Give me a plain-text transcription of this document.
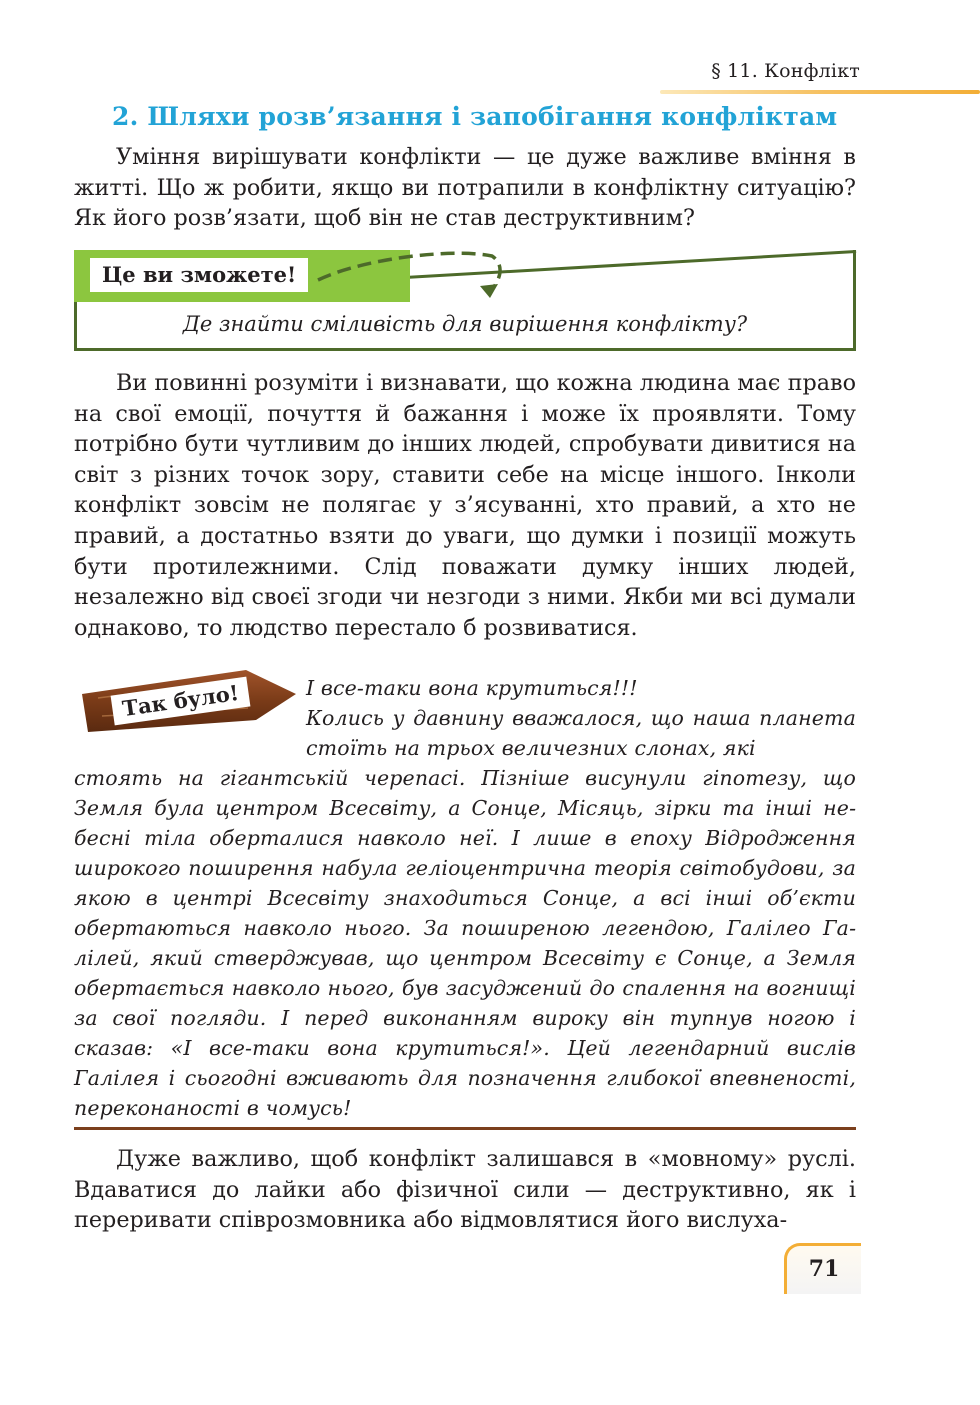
§ 11. Конфлікт
2. Шляхи розв’язання і запобігання конфліктам

Уміння вирішувати конфлікти — це дуже важливе вміння в житті. Що ж робити, якщо ви потрапили в конфліктну ситуацію? Як його розв’язати, щоб він не став деструктивним?

Це ви зможете!
Де знайти сміливість для вирішення конфлікту?

Ви повинні розуміти і визнавати, що кожна людина має право на свої емоції, почуття й бажання і може їх проявляти. Тому потрібно бути чутливим до інших людей, спробувати дивитися на світ з різних точок зору, ставити себе на місце іншого. Інколи конфлікт зовсім не полягає у з’ясуванні, хто правий, а хто не правий, а достатньо взяти до уваги, що думки і позиції можуть бути протилежними. Слід поважати думку інших людей, незалежно від своєї згоди чи незгоди з ними. Якби ми всі думали однаково, то людство перестало б розвиватися.

Так було!	І все-таки вона крутиться!!!

Колись у давнину вважалося, що наша планета стоїть на трьох величезних слонах, які

стоять на гігантській черепасі. Пізніше висунули гіпотезу, що Земля була центром Всесвіту, а Сонце, Місяць, зірки та інші небесні тіла оберталися навколо неї. І лише в епоху Відродження широкого поширення набула геліоцентрична теорія світобудови, за якою в центрі Всесвіту знаходиться Сонце, а всі інші об’єкти обертаються навколо нього. За поширеною легендою, Галілео Га лілей, який стверджував, що центром Всесвіту є Сонце, а Земля обертається навколо нього, був засуджений до спалення на вогнищі за свої погляди. І перед виконанням вироку він тупнув ногою і сказав: «І все-таки вона крутиться!». Цей легендарний вислів Галілея і сьогодні вживають для позначення глибокої впевненості, переконаності в чомусь!

Дуже важливо, щоб конфлікт залишався в «мовному» руслі. Вдаватися до лайки або фізичної сили — деструктивно, як і переривати співрозмовника або відмовлятися його вислуха-

71
